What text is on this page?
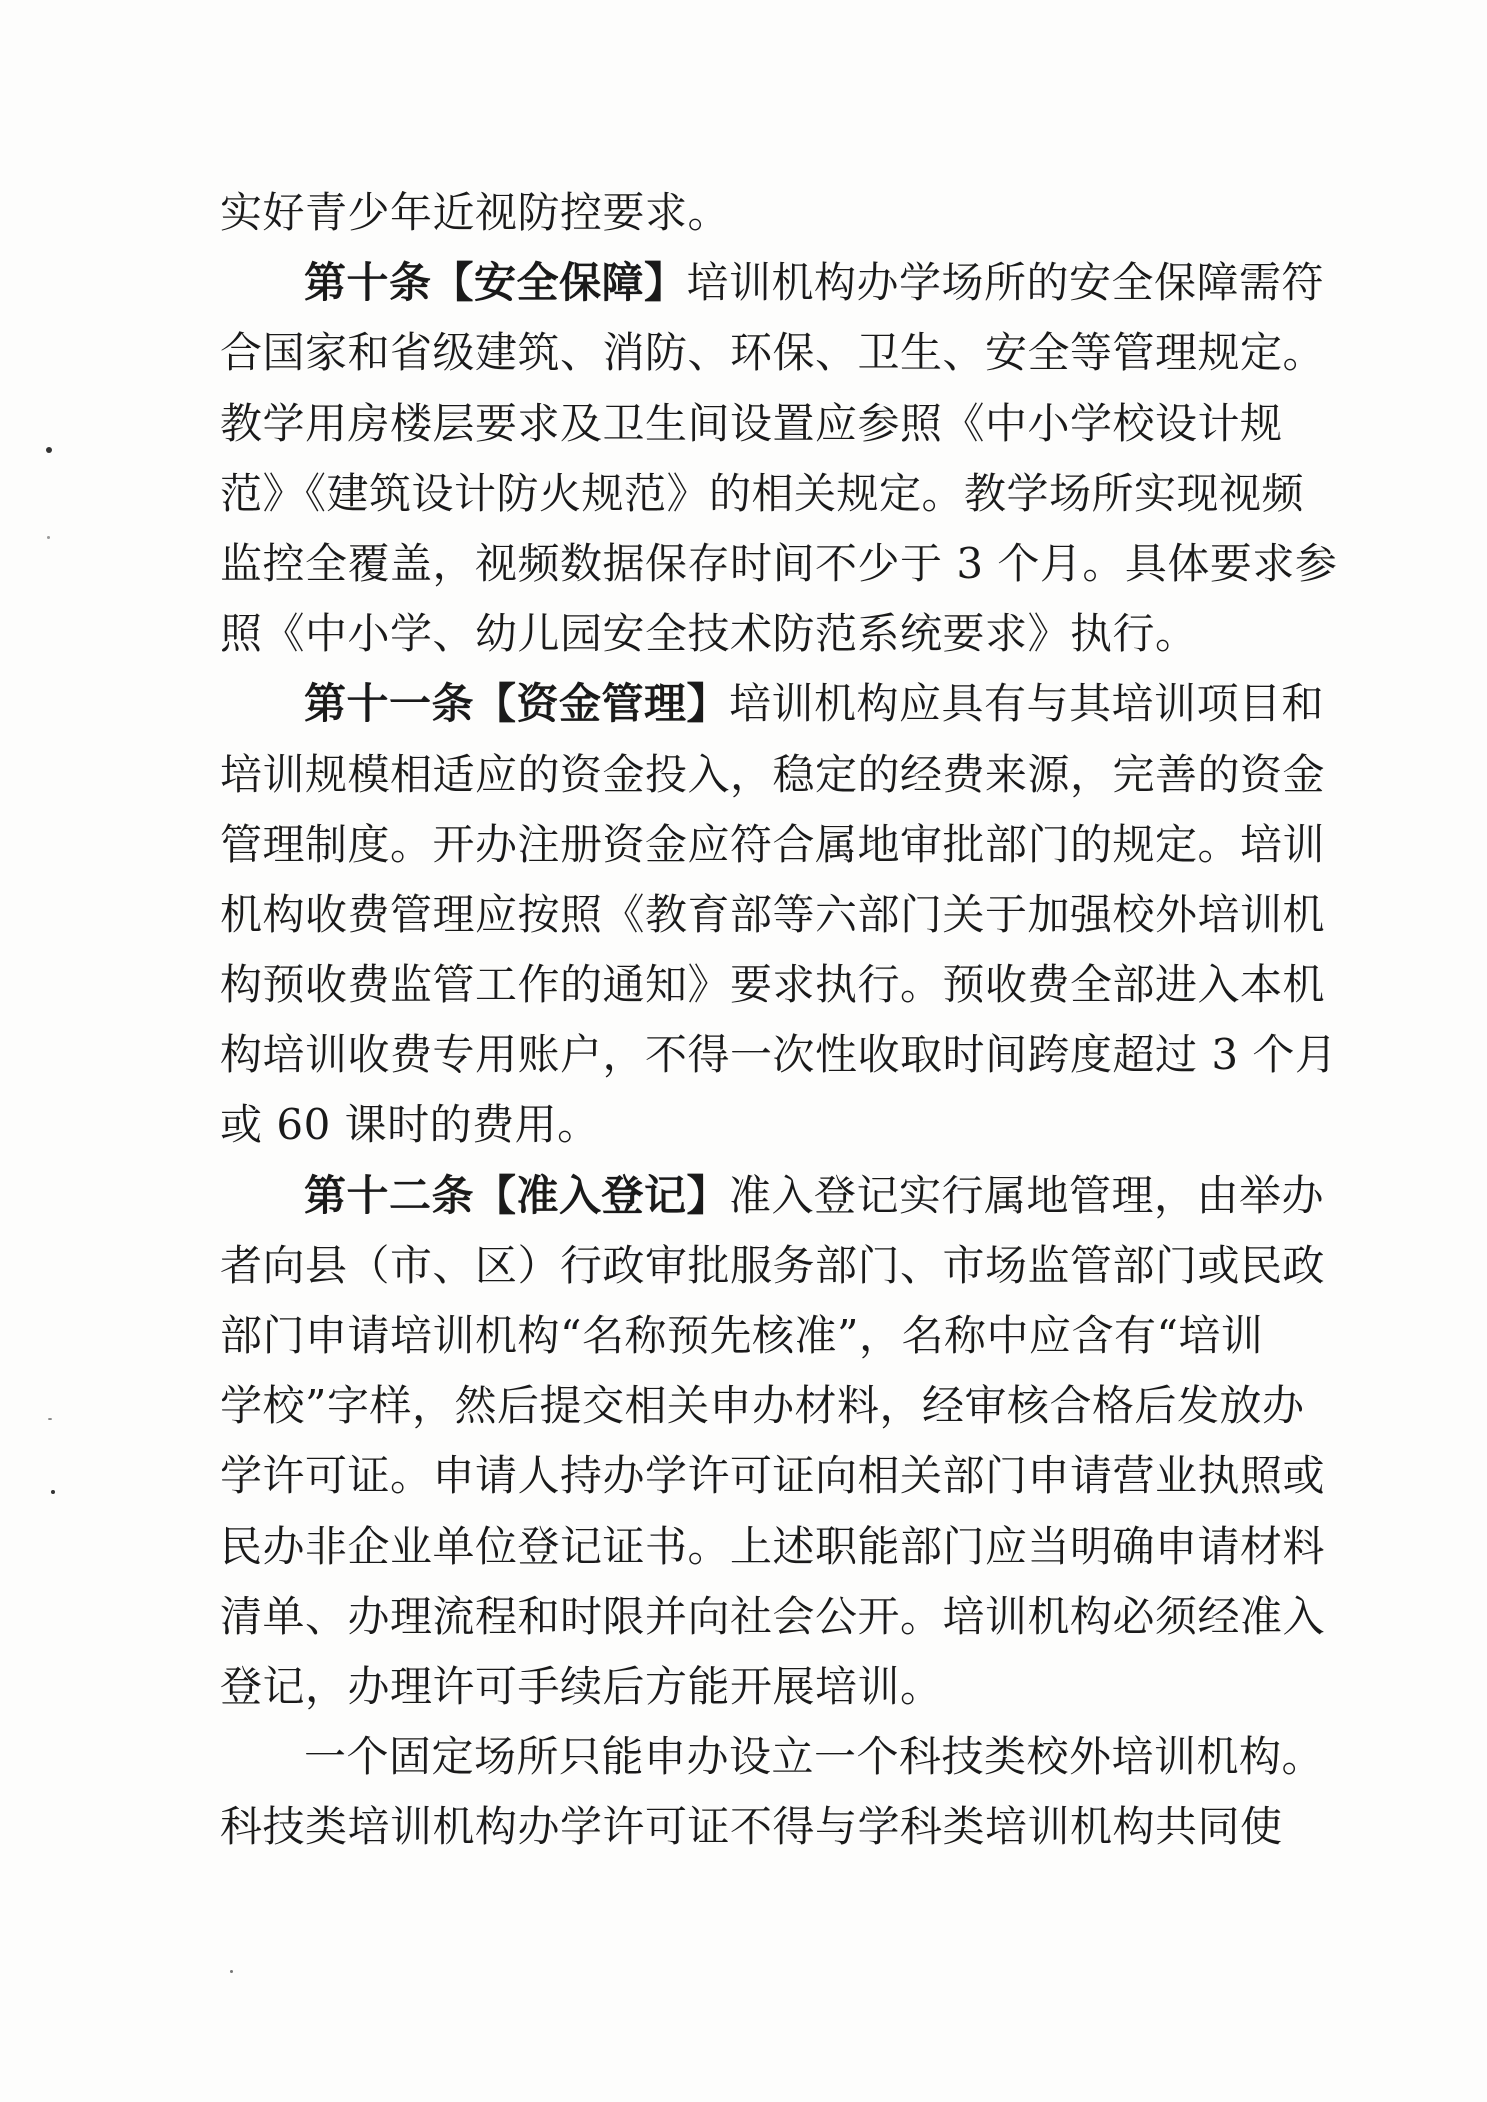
实好青少年近视防控要求。
第十条【安全保障】培训机构办学场所的安全保障需符
合国家和省级建筑、消防、环保、卫生、安全等管理规定。
教学用房楼层要求及卫生间设置应参照《中小学校设计规
范》《建筑设计防火规范》的相关规定。教学场所实现视频
监控全覆盖，视频数据保存时间不少于 3 个月。具体要求参
照《中小学、幼儿园安全技术防范系统要求》执行。
第十一条【资金管理】培训机构应具有与其培训项目和
培训规模相适应的资金投入，稳定的经费来源，完善的资金
管理制度。开办注册资金应符合属地审批部门的规定。培训
机构收费管理应按照《教育部等六部门关于加强校外培训机
构预收费监管工作的通知》要求执行。预收费全部进入本机
构培训收费专用账户，不得一次性收取时间跨度超过 3 个月
或 60 课时的费用。
第十二条【准入登记】准入登记实行属地管理，由举办
者向县（市、区）行政审批服务部门、市场监管部门或民政
部门申请培训机构“名称预先核准”，名称中应含有“培训
学校”字样，然后提交相关申办材料，经审核合格后发放办
学许可证。申请人持办学许可证向相关部门申请营业执照或
民办非企业单位登记证书。上述职能部门应当明确申请材料
清单、办理流程和时限并向社会公开。培训机构必须经准入
登记，办理许可手续后方能开展培训。
一个固定场所只能申办设立一个科技类校外培训机构。
科技类培训机构办学许可证不得与学科类培训机构共同使
